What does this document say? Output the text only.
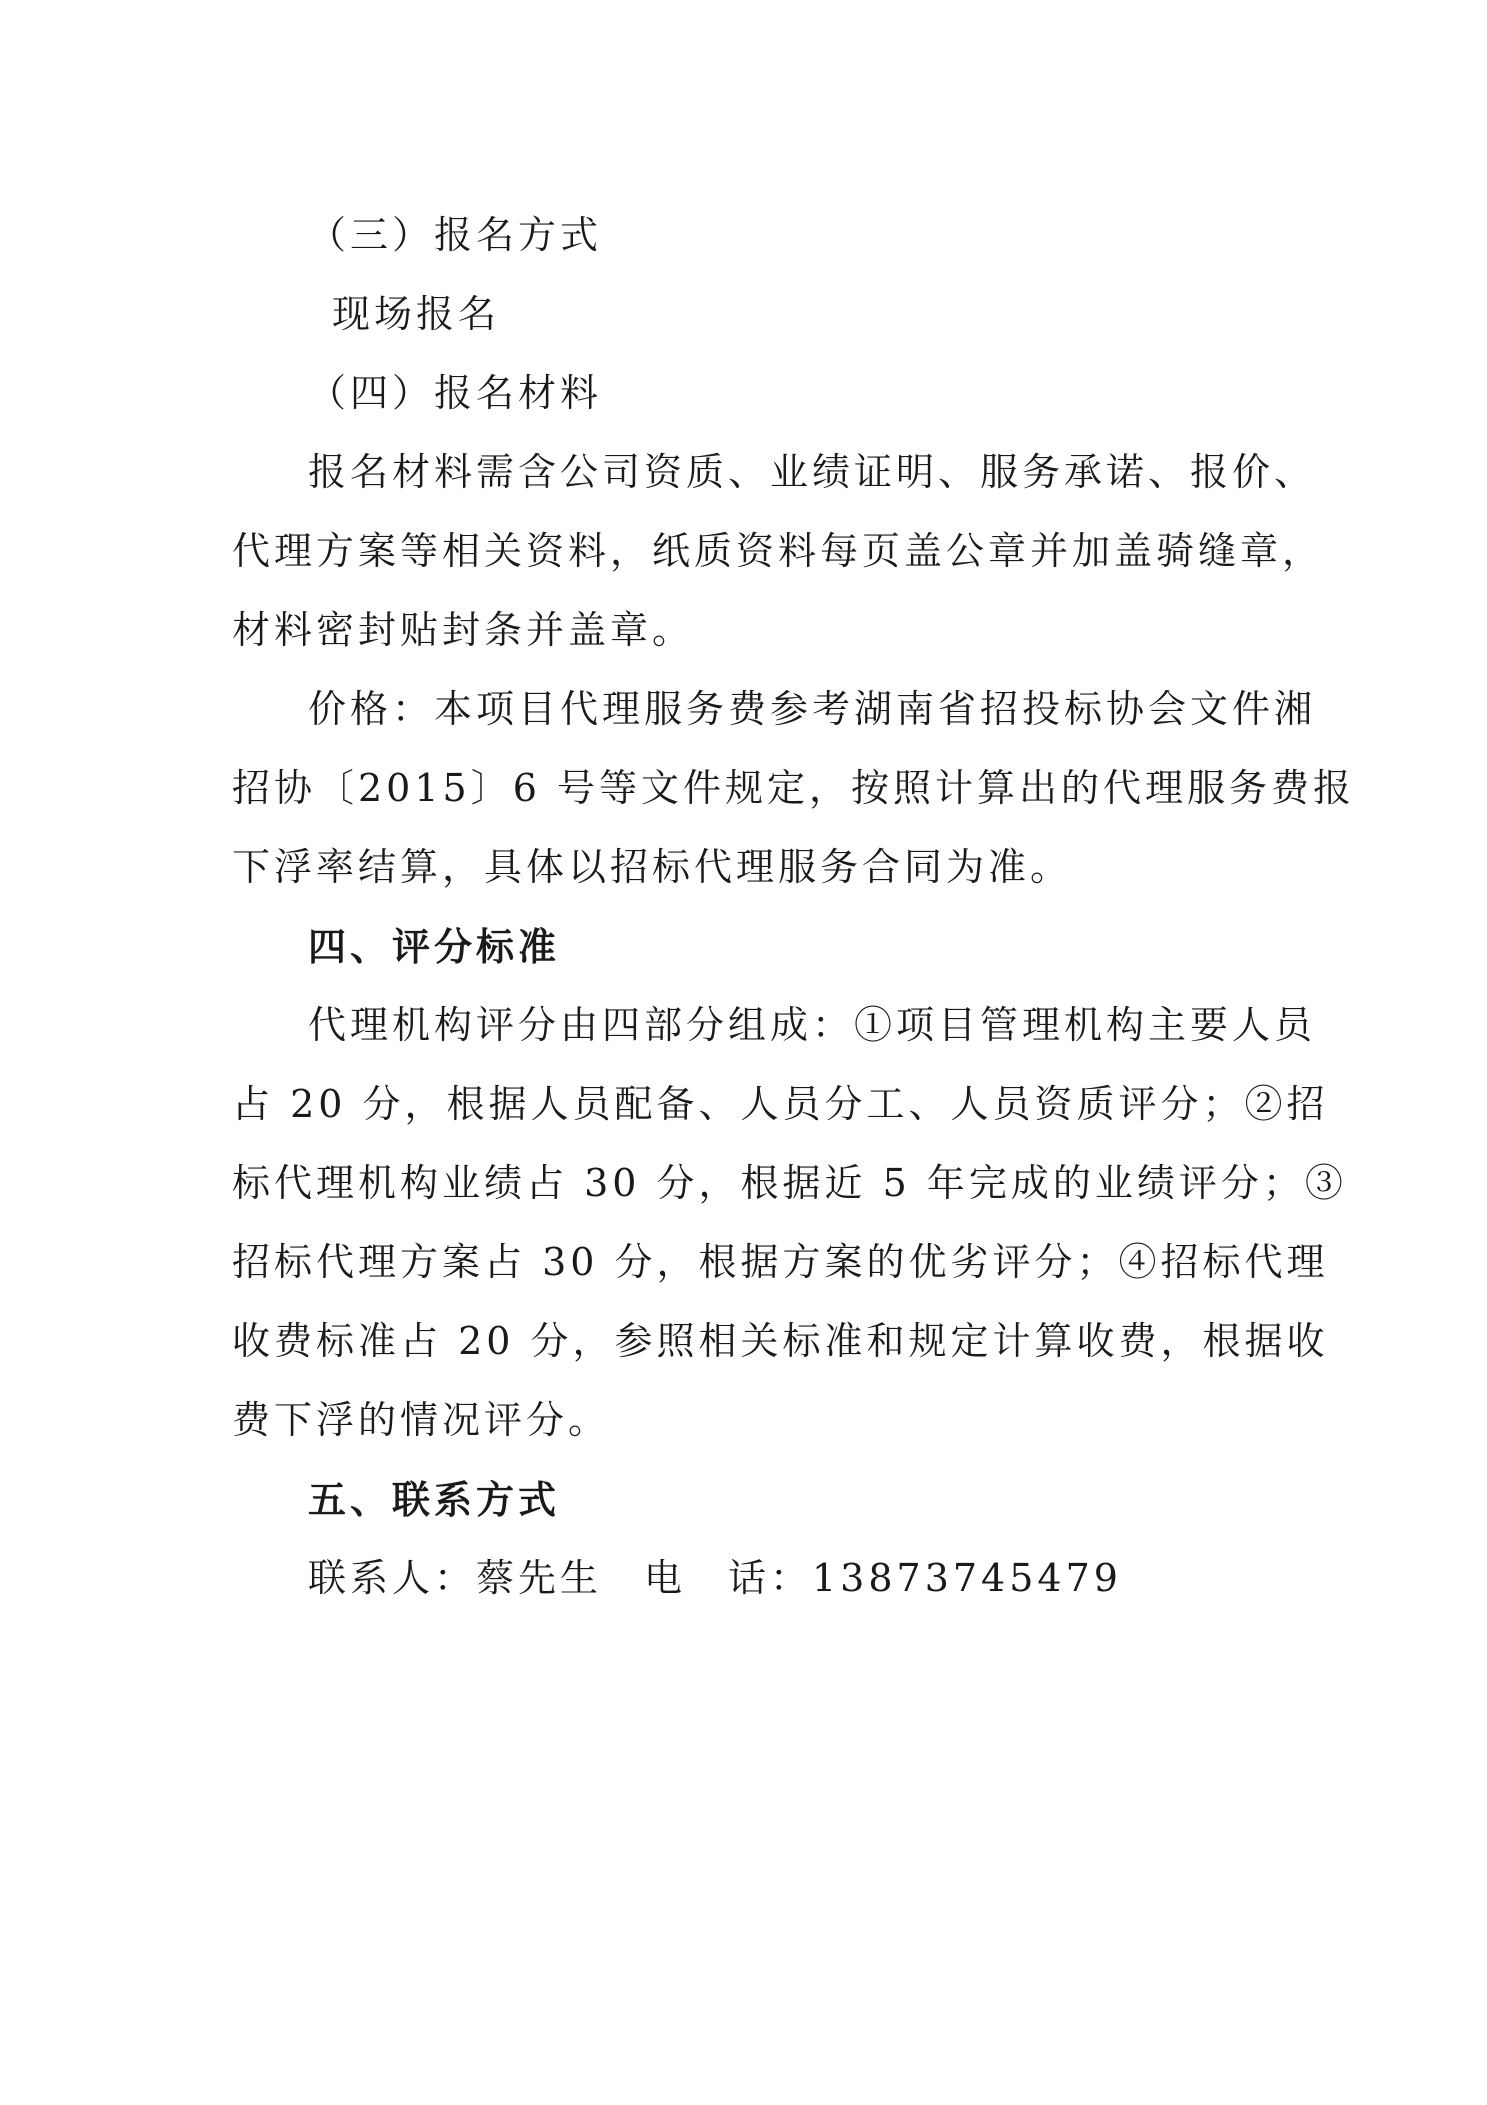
（三）报名方式
现场报名
（四）报名材料
报名材料需含公司资质、业绩证明、服务承诺、报价、
代理方案等相关资料，纸质资料每页盖公章并加盖骑缝章，
材料密封贴封条并盖章。
价格：本项目代理服务费参考湖南省招投标协会文件湘
招协〔2015〕6 号等文件规定，按照计算出的代理服务费报
下浮率结算，具体以招标代理服务合同为准。
四、评分标准
代理机构评分由四部分组成：①项目管理机构主要人员
占 20 分，根据人员配备、人员分工、人员资质评分；②招
标代理机构业绩占 30 分，根据近 5 年完成的业绩评分；③
招标代理方案占 30 分，根据方案的优劣评分；④招标代理
收费标准占 20 分，参照相关标准和规定计算收费，根据收
费下浮的情况评分。
五、联系方式
联系人：蔡先生　电　话：13873745479
